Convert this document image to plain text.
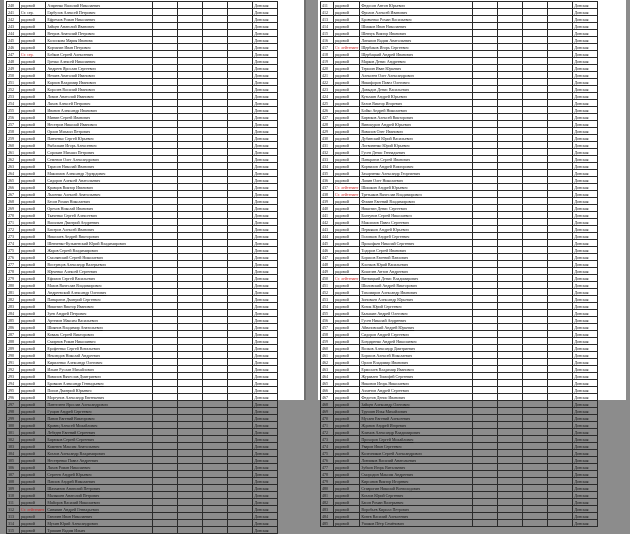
240	рядовой	Азаренко Василий Николаевич					Донская
241	Ст. сер.	Гарбузов Алексей Петрович					Донская
242	рядовой	Ефремов Роман Николаевич					Донская
243	рядовой	Зайцев Анатолий Иванович					Донская
244	рядовой	Ветров Анатолий Петрович					Донская
245	рядовой	Колоскова Мария Иванова					Донская
246	рядовой	Корчагин Иван Петрович					Донская
247	Ст. сер.	Бобков Сергей Алексеевич					Донская
248	рядовой	Гречко Алексей Николаевич					Донская
249	рядовой	Андреев Ярослав Сергеевич					Донская
250	рядовой	Нечаев Анатолий Иванович					Донская
251	рядовой	Карпов Владимир Иванович					Донская
252	рядовой	Королев Василий Иванович					Донская
253	рядовой	Ломов Анатолий Иванович					Донская
254	рядовой	Ляхов Алексей Петрович					Донская
255	рядовой	Иванов Александр Иванович					Донская
256	рядовой	Минин Сергей Иванович					Донская
257	рядовой	Нестеров Николай Иванович					Донская
258	рядовой	Орлов Михаил Петрович					Донская
259	рядовой	Панченко Сергей Юрьевич					Донская
260	рядовой	Рыбалкин Игорь Алексеевич					Донская
261	рядовой	Сорокин Михаил Петрович					Донская
262	рядовой	Семенов Олег Александрович					Донская
263	рядовой	Тарасов Николай Иванович					Донская
264	рядовой	Максимов Александр Эдуардович					Донская
265	рядовой	Сидоров Алексей Анатольевич					Донская
266	рядовой	Кравцов Виктор Иванович					Донская
267	рядовой	Лысенко Алексей Анатольевич					Донская
268	рядовой	Бесов Роман Николаевич					Донская
269	рядовой	Орехов Николай Иванович					Донская
270	рядовой	Ткаченко Сергей Алексеевич					Донская
271	рядовой	Васильев Дмитрий Андреевич					Донская
272	рядовой	Бисеров Алексей Иванович					Донская
273	рядовой	Николаев Андрей Викторович					Донская
274	рядовой	Шевченко-Кузьменский Юрий Владимирович					Донская
275	рядовой	Жаров Сергей Владимирович					Донская
276	рядовой	Смолянский Сергей Николаевич					Донская
277	рядовой	Вострецов Александр Валерьевич					Донская
278	рядовой	Юрченко Алексей Сергеевич					Донская
279	рядовой	Ефимов Сергей Васильевич					Донская
280	рядовой	Махов Вячеслав Владимирович					Донская
281	рядовой	Андреевский Александр Олегович					Донская
282	рядовой	Панкратов Дмитрий Сергеевич					Донская
283	рядовой	Никитин Виктор Иванович					Донская
284	рядовой	Зуев Андрей Петрович					Донская
285	рядовой	Артемов Максим Васильевич					Донская
286	рядовой	Шиянов Владимир Анатольевич					Донская
287	рядовой	Коваль Сергей Викторович					Донская
288	рядовой	Смирнов Роман Николаевич					Донская
289	рядовой	Ерофеенко Сергей Витальевич					Донская
290	рядовой	Неклюдов Николай Андреевич					Донская
291	рядовой	Кириленко Александр Олегович					Донская
292	рядовой	Ильин Руслан Михайлович					Донская
293	рядовой	Вавилов Вячеслав Дмитриевич					Донская
294	рядовой	Бровкин Александр Геннадьевич					Донская
295	рядовой	Попов Дмитрий Юрьевич					Донская
296	рядовой	Моргунов Александр Евгеньевич					Донская
297	рядовой	Пантелеев Ярослав Александрович					Донская
298	рядовой	Гущин Андрей Сергеевич					Донская
299	рядовой	Панов Евгений Викторович					Донская
300	рядовой	Кравец Алексей Михайлович					Донская
301	рядовой	Лебедев Евгений Сергеевич					Донская
302	рядовой	Бирюков Сергей Сергеевич					Донская
303	рядовой	Каменев Максим Анатольевич					Донская
304	рядовой	Козлов Александр Владимирович					Донская
305	рядовой	Нестеренко Павел Андреевич					Донская
306	рядовой	Ляхов Роман Николаевич					Донская
307	рядовой	Сергеев Андрей Юрьевич					Донская
308	рядовой	Павлов Андрей Николаевич					Донская
309	рядовой	Шахматов Анатолий Петрович					Донская
310	рядовой	Малышев Анатолий Петрович					Донская
311	рядовой	Майоров Василий Николаевич					Донская
312	Ст. лейтенант	Синявин Андрей Геннадьевич					Донская
313	рядовой	Ганичев Иван Николаевич					Донская
314	рядовой	Мухин Юрий Александрович					Донская
315	рядовой	Тришин Вадим Ильич					Донская
411	рядовой	Федосов Антон Юрьевич					Донская
412	рядовой	Фролов Алексей Иванович					Донская
413	рядовой	Бровченко Роман Васильевич					Донская
414	рядовой	Шмаков Иван Николаевич					Донская
415	рядовой	Шевчук Виктор Иванович					Донская
416	рядовой	Латыпов Вадим Анатольевич					Донская
417	Ст. лейтенант	Щербаков Игорь Сергеевич					Донская
418	рядовой	Щербацкий Андрей Иванович					Донская
419	рядовой	Марков Денис Андреевич					Донская
420	рядовой	Тершин Иван Юрьевич					Донская
421	рядовой	Алексеев Олег Александрович					Донская
422	рядовой	Никифоров Павел Олегович					Донская
423	рядовой	Давыдов Денис Васильевич					Донская
424	рядовой	Кузьмин Андрей Юрьевич					Донская
425	рядовой	Белов Виктор Игоревич					Донская
426	рядовой	Бойко Андрей Николаевич					Донская
427	рядовой	Бирюков Алексей Викторович					Донская
428	рядовой	Винокуров Андрей Юрьевич					Донская
429	рядовой	Вавилов Олег Иванович					Донская
430	рядовой	Дубинский Юрий Васильевич					Донская
431	рядовой	Логвиненко Юрий Юрьевич					Донская
432	рядовой	Гусев Денис Геннадьевич					Донская
433	рядовой	Панкратов Сергей Иванович					Донская
434	рядовой	Корнилов Андрей Викторович					Донская
435	рядовой	Захарченко Александр Георгиевич					Донская
436	рядовой	Лапин Олег Николаевич					Донская
437	Ст. лейтенант	Шишкин Андрей Юрьевич					Донская
438	Ст. лейтенант	Третьяков Вячеслав Владимирович					Донская
439	рядовой	Фомин Евгений Владимирович					Донская
440	рядовой	Никитин Денис Сергеевич					Донская
441	рядовой	Болтунов Сергей Николаевич					Донская
442	рядовой	Максимов Павел Сергеевич					Донская
443	рядовой	Пермяков Андрей Юрьевич					Донская
444	рядовой	Головков Андрей Сергеевич					Донская
445	рядовой	Прокофьев Николай Сергеевич					Донская
446	рядовой	Тодоров Сергей Иванович					Донская
447	рядовой	Борисов Евгений Павлович					Донская
448	рядовой	Клочков Юрий Васильевич					Донская
449	рядовой	Кошелев Антон Андреевич					Донская
450	Ст. лейтенант	Витвицкий Денис Владимирович					Донская
451	рядовой	Шиловский Андрей Викторович					Донская
452	рядовой	Тихомиров Александр Иванович					Донская
453	рядовой	Зиновьев Александр Юрьевич					Донская
454	рядовой	Козик Юрий Сергеевич					Донская
455	рядовой	Балыкин Андрей Олегович					Донская
456	рядовой	Гусев Николай Андреевич					Донская
457	рядовой	Айвазовский Андрей Юрьевич					Донская
458	рядовой	Сидоров Андрей Сергеевич					Донская
459	рядовой	Бондаренко Андрей Николаевич					Донская
460	рядовой	Волков Александр Дмитриевич					Донская
461	рядовой	Борисов Алексей Николаевич					Донская
462	рядовой	Орлов Владимир Иванович					Донская
463	рядовой	Ермолаев Владимир Иванович					Донская
464	рядовой	Журавлев Тимофей Сергеевич					Донская
465	рядовой	Никонов Игорь Николаевич					Донская
466	рядовой	Ахметов Андрей Сергеевич					Донская
467	рядовой	Федотов Денис Иванович					Донская
468	рядовой	Зайцев Александр Олегович					Донская
469	рядовой	Трушин Илья Михайлович					Донская
470	рядовой	Мусаев Евгений Алексеевич					Донская
471	рядовой	Жданов Андрей Игоревич					Донская
472	рядовой	Климов Александр Владимирович					Донская
473	рядовой	Прохоров Сергей Михайлович					Донская
474	рядовой	Уваров Иван Сергеевич					Донская
475	рядовой	Колесников Сергей Александрович					Донская
476	рядовой	Ловчиков Василий Анатольевич					Донская
477	рядовой	Зубков Игорь Витальевич					Донская
478	рядовой	Смородин Максим Андреевич					Донская
479	рядовой	Кирсанов Виктор Игоревич					Донская
480	рядовой	Ставрогин Николай Всеволодович					Донская
481	рядовой	Козлов Юрий Сергеевич					Донская
482	рядовой	Басов Роман Валерьевич					Донская
483	рядовой	Воробьев Кирилл Петрович					Донская
484	рядовой	Конев Василий Алексеевич					Донская
485	рядовой	Ушаков Пётр Семёнович					Донская
